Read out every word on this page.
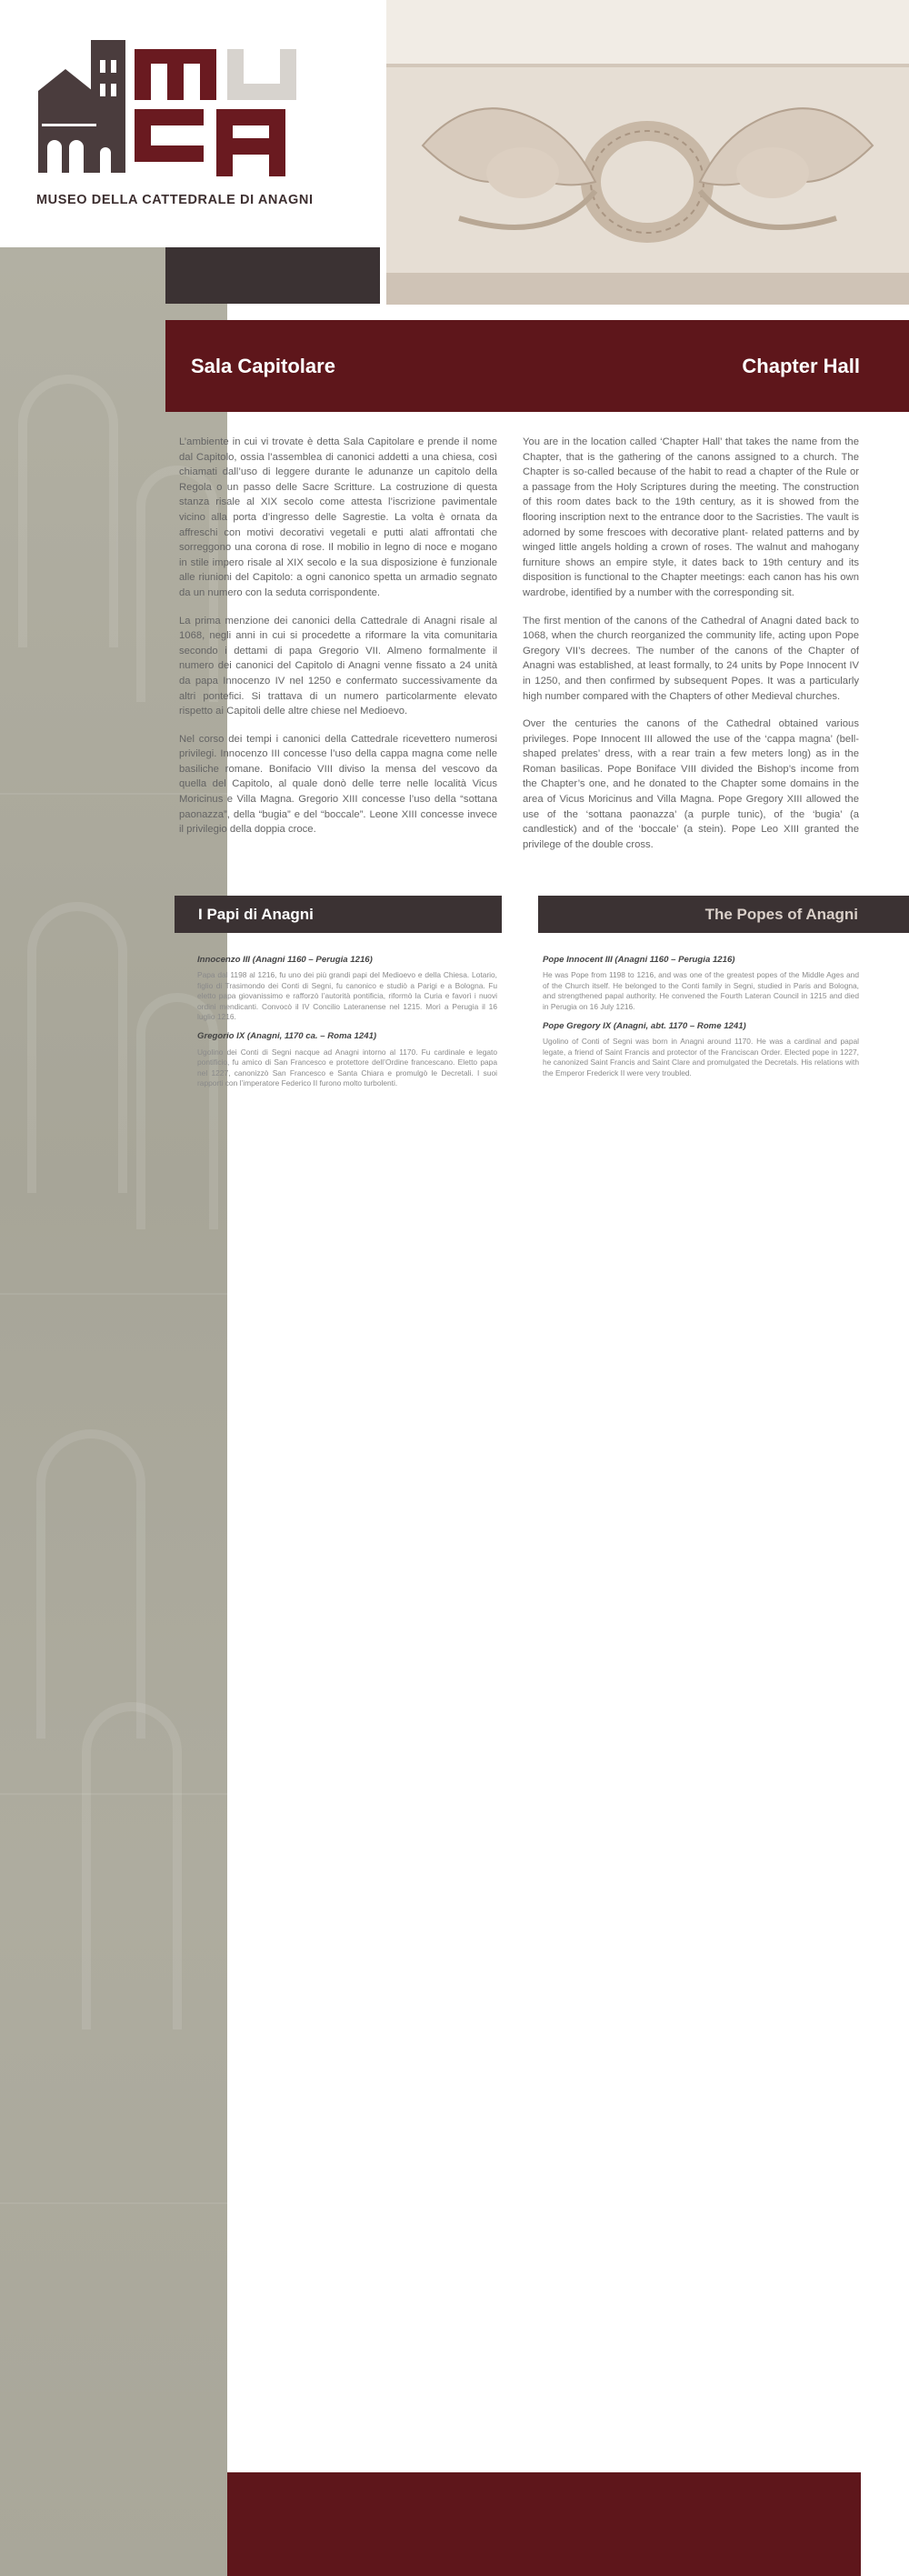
MUSEO DELLA CATTEDRALE DI ANAGNI
Sala Capitolare	Chapter Hall

L’ambiente in cui vi trovate è detta Sala Capitolare e prende il nome dal Capitolo, ossia l’assemblea di canonici addetti a una chiesa, così chiamati dall’uso di leggere durante le adunanze un capitolo della Regola o un passo delle Sacre Scritture. La costruzione di questa stanza risale al XIX secolo come attesta l’iscrizione pavimentale vicino alla porta d’ingresso delle Sagrestie. La volta è ornata da affreschi con motivi decorativi vegetali e putti alati affrontati che sorreggono una corona di rose. Il mobilio in legno di noce e mogano in stile impero risale al XIX secolo e la sua disposizione è funzionale alle riunioni del Capitolo: a ogni canonico spetta un armadio segnato da un numero con la seduta corrispondente.

La prima menzione dei canonici della Cattedrale di Anagni risale al 1068, negli anni in cui si procedette a riformare la vita comunitaria secondo i dettami di papa Gregorio VII. Almeno formalmente il numero dei canonici del Capitolo di Anagni venne fissato a 24 unità da papa Innocenzo IV nel 1250 e confermato successivamente da altri pontefici. Si trattava di un numero particolarmente elevato rispetto ai Capitoli delle altre chiese nel Medioevo.

Nel corso dei tempi i canonici della Cattedrale ricevettero numerosi privilegi. Innocenzo III concesse l’uso della cappa magna come nelle basiliche romane. Bonifacio VIII diviso la mensa del vescovo da quella del Capitolo, al quale donò delle terre nelle località Vicus Moricinus e Villa Magna. Gregorio XIII concesse l’uso della “sottana paonazza”, della “bugia” e del “boccale”. Leone XIII concesse invece il privilegio della doppia croce.

You are in the location called ‘Chapter Hall’ that takes the name from the Chapter, that is the gathering of the canons assigned to a church. The Chapter is so-called because of the habit to read a chapter of the Rule or a passage from the Holy Scriptures during the meeting. The construction of this room dates back to the 19th century, as it is showed from the flooring inscription next to the entrance door to the Sacristies. The vault is adorned by some frescoes with decorative plant- related patterns and by winged little angels holding a crown of roses. The walnut and mahogany furniture shows an empire style, it dates back to 19th century and its disposition is functional to the Chapter meetings: each canon has his own wardrobe, identified by a number with the corresponding sit.

The first mention of the canons of the Cathedral of Anagni dated back to 1068, when the church reorganized the community life, acting upon Pope Gregory VII’s decrees. The number of the canons of the Chapter of Anagni was established, at least formally, to 24 units by Pope Innocent IV in 1250, and then confirmed by subsequent Popes. It was a particularly high number compared with the Chapters of other Medieval churches.

Over the centuries the canons of the Cathedral obtained various privileges. Pope Innocent III allowed the use of the ‘cappa magna’ (bell-shaped prelates’ dress, with a rear train a few meters long) as in the Roman basilicas. Pope Boniface VIII divided the Bishop’s income from the Chapter’s one, and he donated to the Chapter some domains in the area of Vicus Moricinus and Villa Magna. Pope Gregory XIII allowed the use of the ‘sottana paonazza’ (a purple tunic), of the ‘bugia’ (a candlestick) and of the ‘boccale’ (a stein). Pope Leo XIII granted the privilege of the double cross.

I Papi di Anagni	The Popes of Anagni
Innocenzo III (Anagni 1160 – Perugia 1216)

Papa dal 1198 al 1216, fu uno dei più grandi papi del Medioevo e della Chiesa. Lotario, figlio di Trasimondo dei Conti di Segni, fu canonico e studiò a Parigi e a Bologna. Fu eletto papa giovanissimo e rafforzò l’autorità pontificia, riformò la Curia e favorì i nuovi ordini mendicanti. Convocò il IV Concilio Lateranense nel 1215. Morì a Perugia il 16 luglio 1216.

Gregorio IX (Anagni, 1170 ca. – Roma 1241)

Ugolino dei Conti di Segni nacque ad Anagni intorno al 1170. Fu cardinale e legato pontificio, fu amico di San Francesco e protettore dell’Ordine francescano. Eletto papa nel 1227, canonizzò San Francesco e Santa Chiara e promulgò le Decretali. I suoi rapporti con l’imperatore Federico II furono molto turbolenti.

Pope Innocent III (Anagni 1160 – Perugia 1216)

He was Pope from 1198 to 1216, and was one of the greatest popes of the Middle Ages and of the Church itself. He belonged to the Conti family in Segni, studied in Paris and Bologna, and strengthened papal authority. He convened the Fourth Lateran Council in 1215 and died in Perugia on 16 July 1216.

Pope Gregory IX (Anagni, abt. 1170 – Rome 1241)

Ugolino of Conti of Segni was born in Anagni around 1170. He was a cardinal and papal legate, a friend of Saint Francis and protector of the Franciscan Order. Elected pope in 1227, he canonized Saint Francis and Saint Clare and promulgated the Decretals. His relations with the Emperor Frederick II were very troubled.
